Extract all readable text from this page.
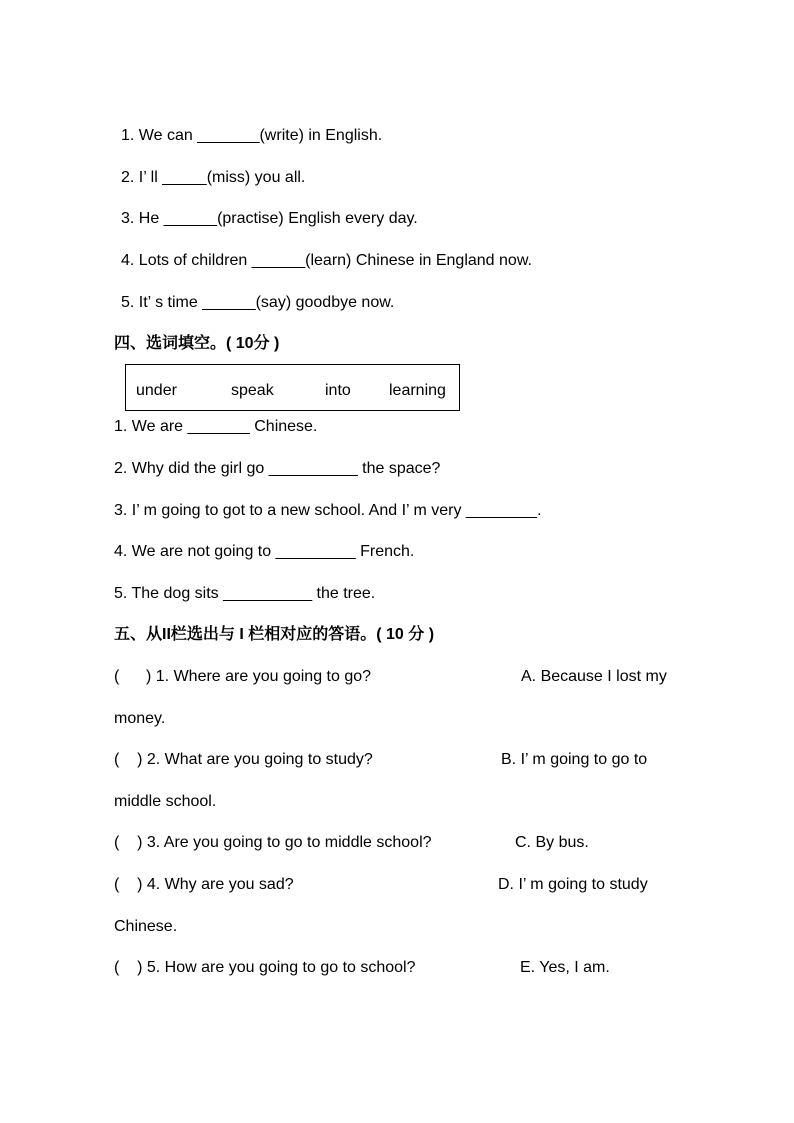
1. We can _______(write) in English.
2. I’ ll _____(miss) you all.
3. He ______(practise) English every day.
4. Lots of children ______(learn) Chinese in England now.
5. It’ s time ______(say) goodbye now.
四、选词填空。( 10分 )
under	speak	into learning
1. We are _______ Chinese.
2. Why did the girl go __________ the space?
3. I’ m going to got to a new school. And I’ m very ________.
4. We are not going to _________ French.
5. The dog sits __________ the tree.
五、从II栏选出与 I 栏相对应的答语。( 10 分 )
(      ) 1. Where are you going to go?	A. Because I lost my
money.
(    ) 2. What are you going to study?	B. I’ m going to go to
middle school.
(    ) 3. Are you going to go to middle school?	C. By bus.
(    ) 4. Why are you sad?	D. I’ m going to study
Chinese.
(    ) 5. How are you going to go to school?	E. Yes, I am.
